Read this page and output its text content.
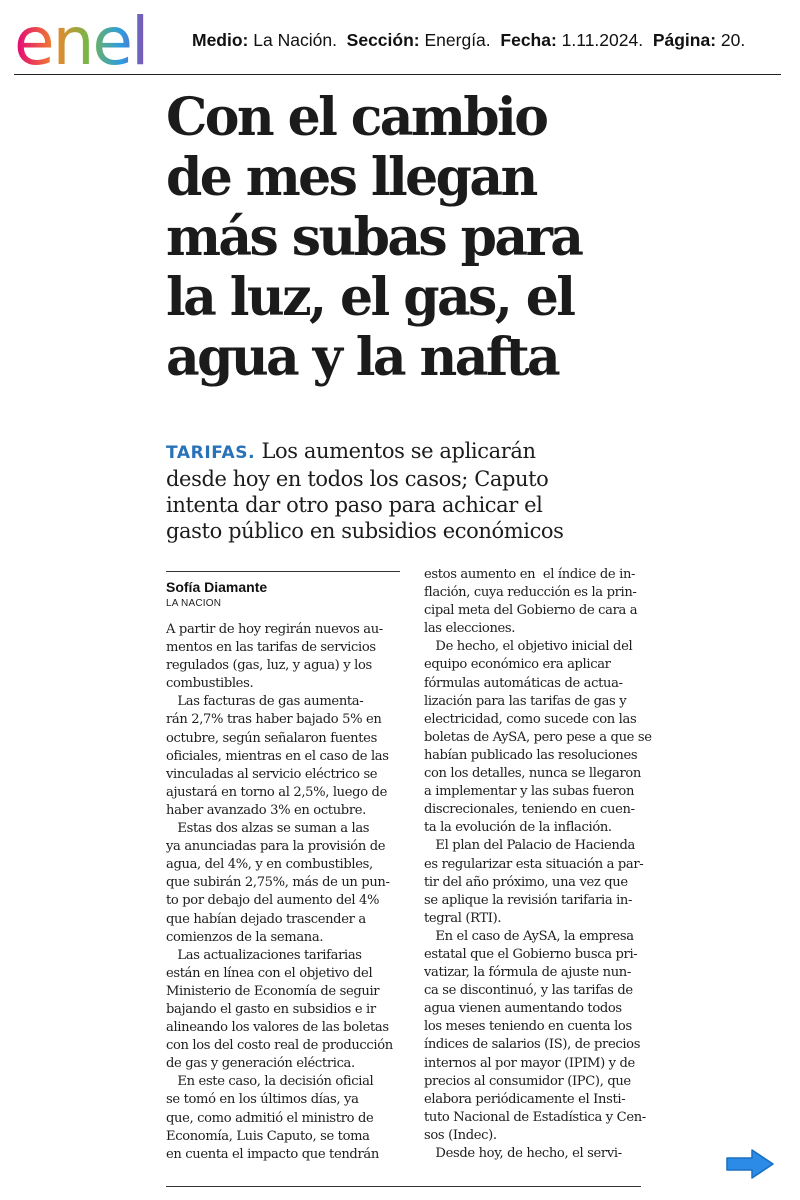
enel	Medio: La Nación. Sección: Energía. Fecha: 1.11.2024. Página: 20.
Con el cambio
de mes llegan
más subas para
la luz, el gas, el
agua y la nafta

TARIFAS. Los aumentos se aplicarán
desde hoy en todos los casos; Caputo
intenta dar otro paso para achicar el
gasto público en subsidios económicos

Sofía Diamante
LA NACION
A partir de hoy regirán nuevos au-
mentos en las tarifas de servicios
regulados (gas, luz, y agua) y los
combustibles.
Las facturas de gas aumenta-
rán 2,7% tras haber bajado 5% en
octubre, según señalaron fuentes
oficiales, mientras en el caso de las
vinculadas al servicio eléctrico se
ajustará en torno al 2,5%, luego de
haber avanzado 3% en octubre.
Estas dos alzas se suman a las
ya anunciadas para la provisión de
agua, del 4%, y en combustibles,
que subirán 2,75%, más de un pun-
to por debajo del aumento del 4%
que habían dejado trascender a
comienzos de la semana.
Las actualizaciones tarifarias
están en línea con el objetivo del
Ministerio de Economía de seguir
bajando el gasto en subsidios e ir
alineando los valores de las boletas
con los del costo real de producción
de gas y generación eléctrica.
En este caso, la decisión oficial
se tomó en los últimos días, ya
que, como admitió el ministro de
Economía, Luis Caputo, se toma
en cuenta el impacto que tendrán
estos aumento en  el índice de in-
flación, cuya reducción es la prin-
cipal meta del Gobierno de cara a
las elecciones.
De hecho, el objetivo inicial del
equipo económico era aplicar
fórmulas automáticas de actua-
lización para las tarifas de gas y
electricidad, como sucede con las
boletas de AySA, pero pese a que se
habían publicado las resoluciones
con los detalles, nunca se llegaron
a implementar y las subas fueron
discrecionales, teniendo en cuen-
ta la evolución de la inflación.
El plan del Palacio de Hacienda
es regularizar esta situación a par-
tir del año próximo, una vez que
se aplique la revisión tarifaria in-
tegral (RTI).
En el caso de AySA, la empresa
estatal que el Gobierno busca pri-
vatizar, la fórmula de ajuste nun-
ca se discontinuó, y las tarifas de
agua vienen aumentando todos
los meses teniendo en cuenta los
índices de salarios (IS), de precios
internos al por mayor (IPIM) y de
precios al consumidor (IPC), que
elabora periódicamente el Insti-
tuto Nacional de Estadística y Cen-
sos (Indec).
Desde hoy, de hecho, el servi-
